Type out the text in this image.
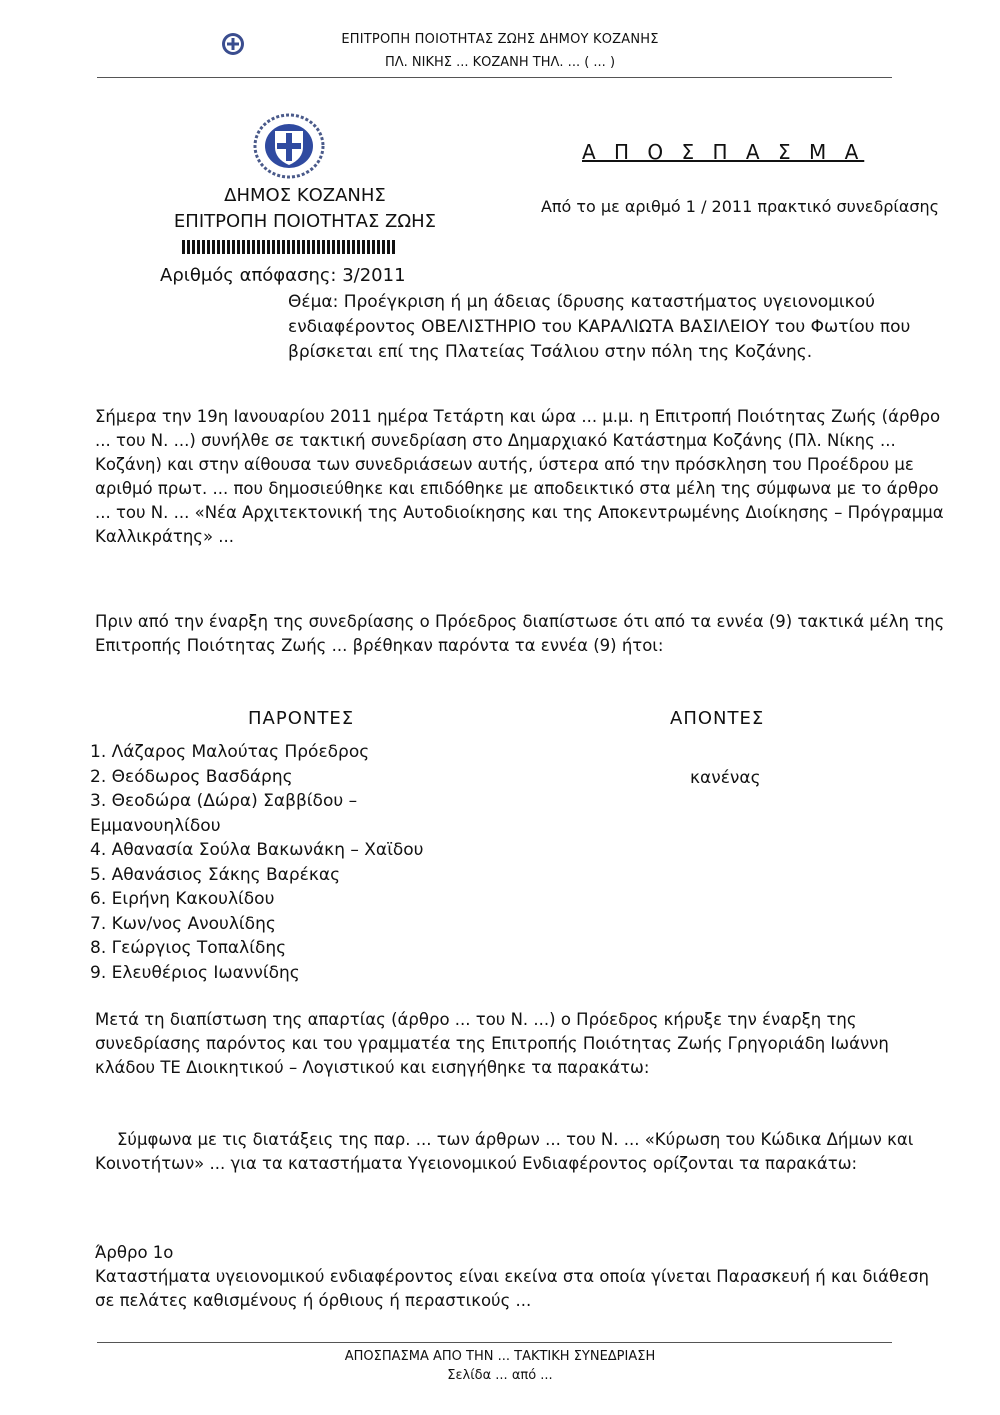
ΕΠΙΤΡΟΠΗ ΠΟΙΟΤΗΤΑΣ ΖΩΗΣ ΔΗΜΟΥ ΚΟΖΑΝΗΣ
ΠΛ. ΝΙΚΗΣ ... ΚΟΖΑΝΗ ΤΗΛ. ... ( ... )
Α Π Ο Σ Π Α Σ Μ Α
ΔΗΜΟΣ ΚΟΖΑΝΗΣ
ΕΠΙΤΡΟΠΗ ΠΟΙΟΤΗΤΑΣ ΖΩΗΣ
Από το με αριθμό 1 / 2011 πρακτικό συνεδρίασης
Αριθμός απόφασης: 3/2011
Θέμα: Προέγκριση ή μη άδειας ίδρυσης καταστήματος υγειονομικού ενδιαφέροντος ΟΒΕΛΙΣΤΗΡΙΟ του ΚΑΡΑΛΙΩΤΑ ΒΑΣΙΛΕΙΟΥ του Φωτίου που βρίσκεται επί της Πλατείας Τσάλιου στην πόλη της Κοζάνης.
Σήμερα την 19η Ιανουαρίου 2011 ημέρα Τετάρτη και ώρα ... μ.μ. η Επιτροπή Ποιότητας Ζωής (άρθρο ... του Ν. ...) συνήλθε σε τακτική συνεδρίαση στο Δημαρχιακό Κατάστημα Κοζάνης (Πλ. Νίκης ... Κοζάνη) και στην αίθουσα των συνεδριάσεων αυτής, ύστερα από την πρόσκληση του Προέδρου με αριθμό πρωτ. ... που δημοσιεύθηκε και επιδόθηκε με αποδεικτικό στα μέλη της σύμφωνα με το άρθρο ... του Ν. ... «Νέα Αρχιτεκτονική της Αυτοδιοίκησης και της Αποκεντρωμένης Διοίκησης – Πρόγραμμα Καλλικράτης» ...
Πριν από την έναρξη της συνεδρίασης ο Πρόεδρος διαπίστωσε ότι από τα εννέα (9) τακτικά μέλη της Επιτροπής Ποιότητας Ζωής ... βρέθηκαν παρόντα τα εννέα (9) ήτοι:
ΠΑΡΟΝΤΕΣ	ΑΠΟΝΤΕΣ
1. Λάζαρος Μαλούτας Πρόεδρος
2. Θεόδωρος Βασδάρης
3. Θεοδώρα (Δώρα) Σαββίδου –
Εμμανουηλίδου
4. Αθανασία Σούλα Βακωνάκη – Χαϊδου
5. Αθανάσιος Σάκης Βαρέκας
6. Ειρήνη Κακουλίδου
7. Κων/νος Ανουλίδης
8. Γεώργιος Τοπαλίδης
9. Ελευθέριος Ιωαννίδης
κανένας
Μετά τη διαπίστωση της απαρτίας (άρθρο ... του Ν. ...) ο Πρόεδρος κήρυξε την έναρξη της συνεδρίασης παρόντος και του γραμματέα της Επιτροπής Ποιότητας Ζωής Γρηγοριάδη Ιωάννη κλάδου ΤΕ Διοικητικού – Λογιστικού και εισηγήθηκε τα παρακάτω:
Σύμφωνα με τις διατάξεις της παρ. ... των άρθρων ... του Ν. ... «Κύρωση του Κώδικα Δήμων και Κοινοτήτων» ... για τα καταστήματα Υγειονομικού Ενδιαφέροντος ορίζονται τα παρακάτω:
Άρθρο 1ο
Καταστήματα υγειονομικού ενδιαφέροντος είναι εκείνα στα οποία γίνεται Παρασκευή ή και διάθεση σε πελάτες καθισμένους ή όρθιους ή περαστικούς ...
ΑΠΟΣΠΑΣΜΑ ΑΠΟ ΤΗΝ ... ΤΑΚΤΙΚΗ ΣΥΝΕΔΡΙΑΣΗ
Σελίδα ... από ...
